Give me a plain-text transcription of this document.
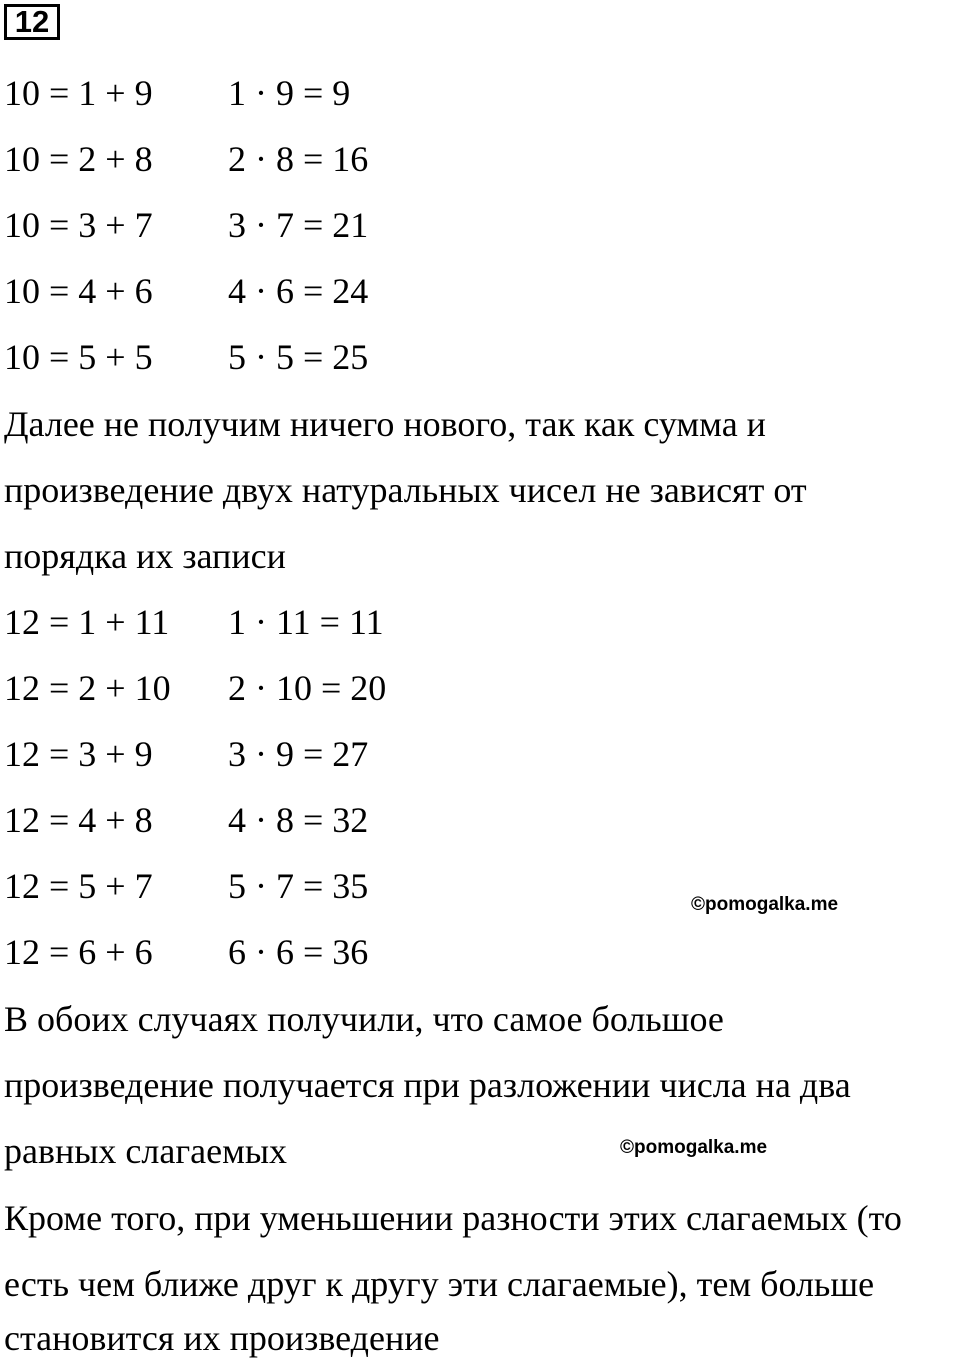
12
10 = 1 + 9 1 · 9 = 9
10 = 2 + 8 2 · 8 = 16
10 = 3 + 7 3 · 7 = 21
10 = 4 + 6 4 · 6 = 24
10 = 5 + 5 5 · 5 = 25
Далее не получим ничего нового, так как сумма и
произведение двух натуральных чисел не зависят от
порядка их записи
12 = 1 + 11 1 · 11 = 11
12 = 2 + 10 2 · 10 = 20
12 = 3 + 9 3 · 9 = 27
12 = 4 + 8 4 · 8 = 32
12 = 5 + 7 5 · 7 = 35
12 = 6 + 6 6 · 6 = 36
©pomogalka.me
В обоих случаях получили, что самое большое
произведение получается при разложении числа на два
равных слагаемых	©pomogalka.me
Кроме того, при уменьшении разности этих слагаемых (то
есть чем ближе друг к другу эти слагаемые), тем больше
становится их произведение
